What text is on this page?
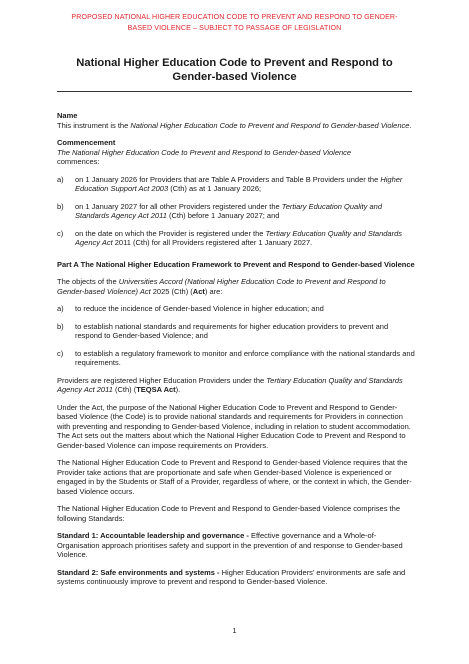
PROPOSED NATIONAL HIGHER EDUCATION CODE TO PREVENT AND RESPOND TO GENDER-
BASED VIOLENCE – SUBJECT TO PASSAGE OF LEGISLATION
National Higher Education Code to Prevent and Respond to
Gender-based Violence

Name

This instrument is the National Higher Education Code to Prevent and Respond to Gender-based Violence.

Commencement

The National Higher Education Code to Prevent and Respond to Gender-based Violence
commences:

a)	on 1 January 2026 for Providers that are Table A Providers and Table B Providers under the Higher Education Support Act 2003 (Cth) as at 1 January 2026;
b)	on 1 January 2027 for all other Providers registered under the Tertiary Education Quality and Standards Agency Act 2011 (Cth) before 1 January 2027; and
c)	on the date on which the Provider is registered under the Tertiary Education Quality and Standards Agency Act 2011 (Cth) for all Providers registered after 1 January 2027.

Part A The National Higher Education Framework to Prevent and Respond to Gender-based Violence

The objects of the Universities Accord (National Higher Education Code to Prevent and Respond to Gender-based Violence) Act 2025 (Cth) (Act) are:

a)	to reduce the incidence of Gender-based Violence in higher education; and
b)	to establish national standards and requirements for higher education providers to prevent and respond to Gender-based Violence; and
c)	to establish a regulatory framework to monitor and enforce compliance with the national standards and requirements.

Providers are registered Higher Education Providers under the Tertiary Education Quality and Standards Agency Act 2011 (Cth) (TEQSA Act).

Under the Act, the purpose of the National Higher Education Code to Prevent and Respond to Gender-based Violence (the Code) is to provide national standards and requirements for Providers in connection with preventing and responding to Gender-based Violence, including in relation to student accommodation. The Act sets out the matters about which the National Higher Education Code to Prevent and Respond to Gender-based Violence can impose requirements on Providers.

The National Higher Education Code to Prevent and Respond to Gender-based Violence requires that the Provider take actions that are proportionate and safe when Gender-based Violence is experienced or engaged in by the Students or Staff of a Provider, regardless of where, or the context in which, the Gender-based Violence occurs.

The National Higher Education Code to Prevent and Respond to Gender-based Violence comprises the following Standards:

Standard 1: Accountable leadership and governance - Effective governance and a Whole-of-Organisation approach prioritises safety and support in the prevention of and response to Gender-based Violence.

Standard 2: Safe environments and systems - Higher Education Providers’ environments are safe and systems continuously improve to prevent and respond to Gender-based Violence.

1
